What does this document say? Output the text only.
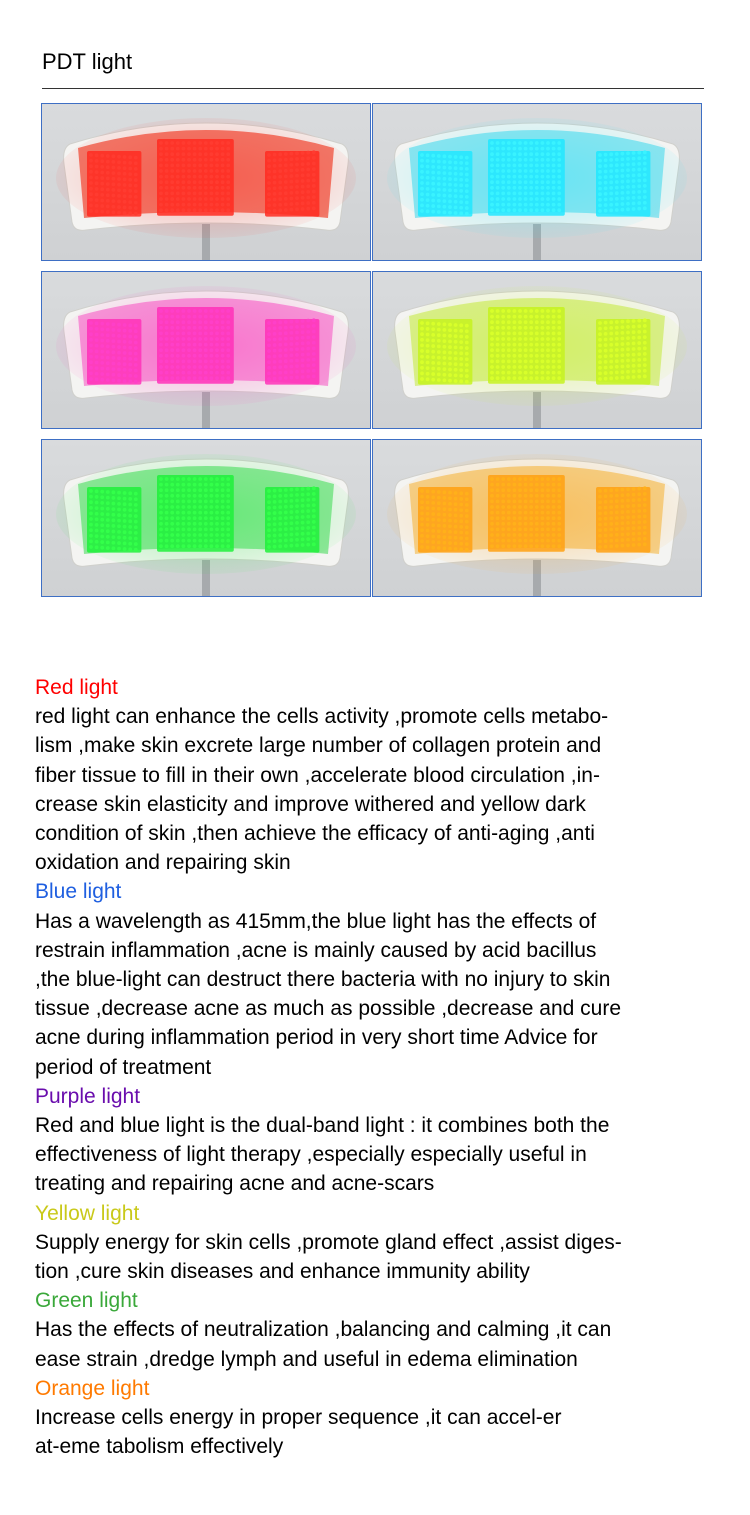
PDT light
Red light
red light can enhance the cells activity ,promote cells metabo-
lism ,make skin excrete large number of collagen protein and
fiber tissue to fill in their own ,accelerate blood circulation ,in-
crease skin elasticity and improve withered and yellow dark
condition of skin ,then achieve the efficacy of anti-aging ,anti
oxidation and repairing skin
Blue light
Has a wavelength as 415mm,the blue light has the effects of
restrain inflammation ,acne is mainly caused by acid bacillus
,the blue-light can destruct there bacteria with no injury to skin
tissue ,decrease acne as much as possible ,decrease and cure
acne during inflammation period in very short time Advice for
period of treatment
Purple light
Red and blue light is the dual-band light : it combines both the
effectiveness of light therapy ,especially especially useful in
treating and repairing acne and acne-scars
Yellow light
Supply energy for skin cells ,promote gland effect ,assist diges-
tion ,cure skin diseases and enhance immunity ability
Green light
Has the effects of neutralization ,balancing and calming ,it can
ease strain ,dredge lymph and useful in edema elimination
Orange light
Increase cells energy in proper sequence ,it can accel-er
at-eme tabolism effectively
